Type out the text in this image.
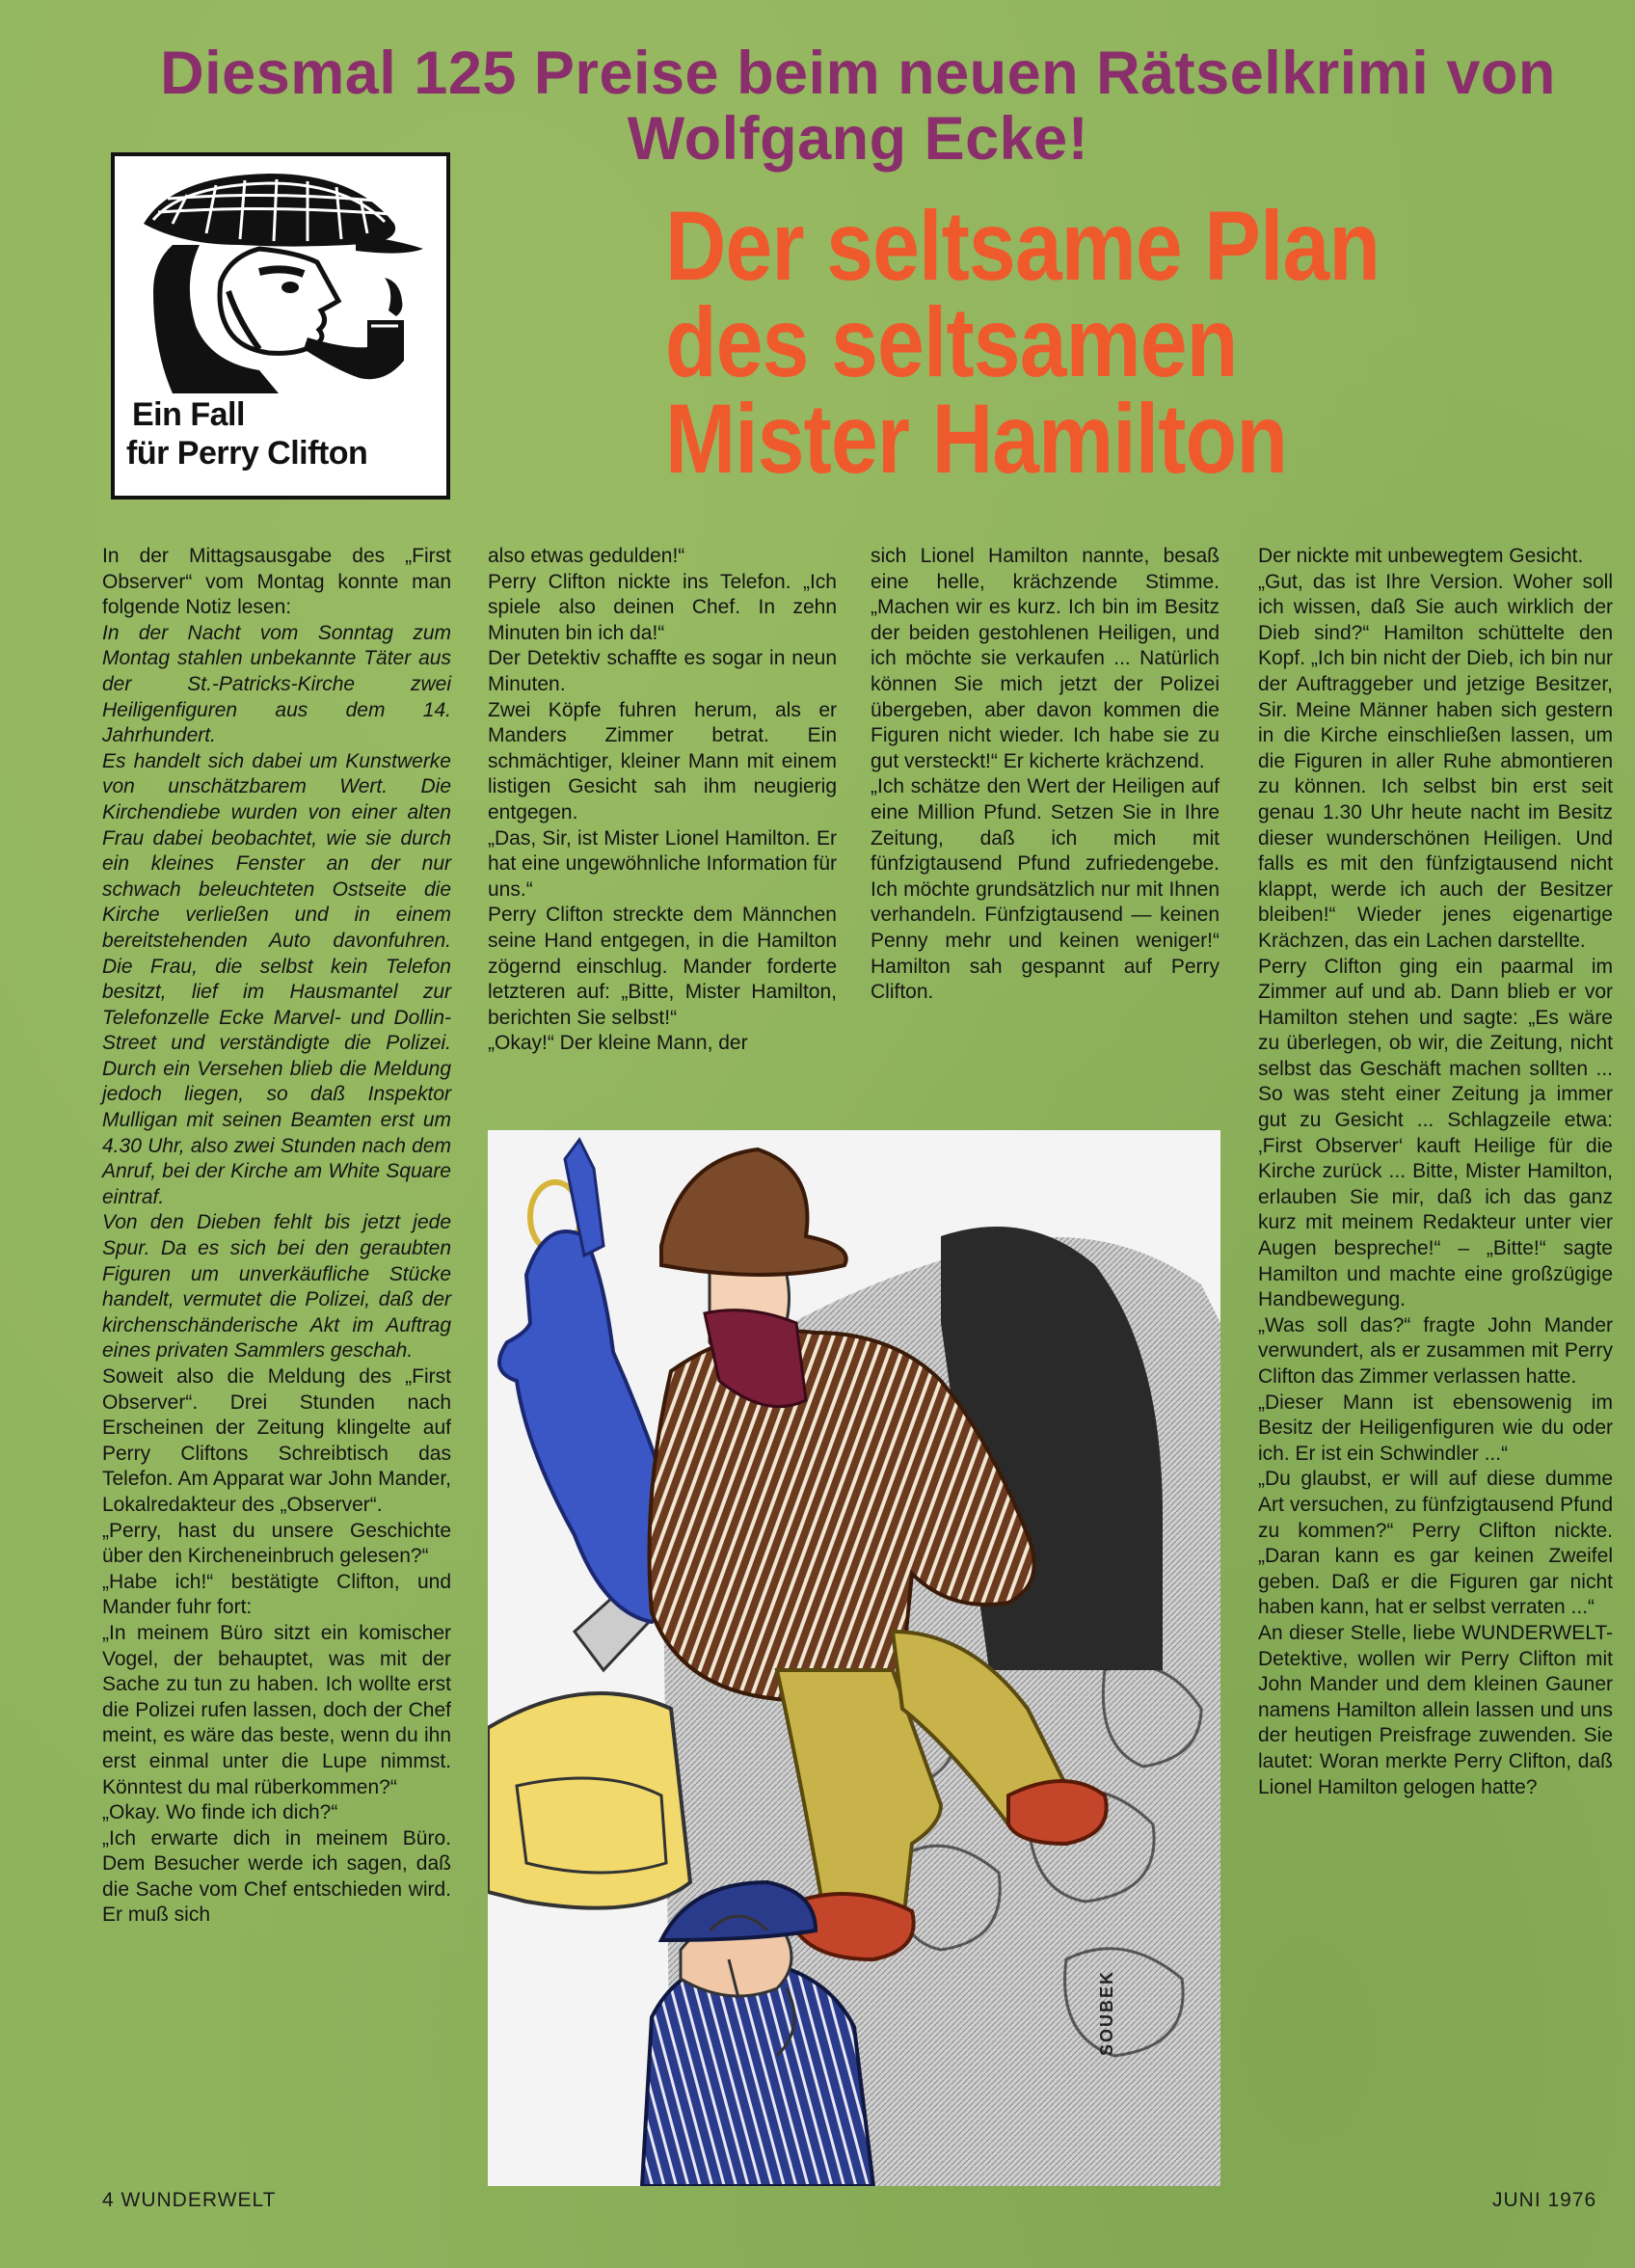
Diesmal 125 Preise beim neuen Rätselkrimi von
Wolfgang Ecke!
Ein Fall
für Perry Clifton
Der seltsame Plan
des seltsamen
Mister Hamilton

In der Mittagsausgabe des „First Observer“ vom Montag konnte man folgende Notiz lesen:

In der Nacht vom Sonntag zum Montag stahlen unbekannte Täter aus der St.-Patricks-Kirche zwei Heiligenfiguren aus dem 14. Jahrhundert.

Es handelt sich dabei um Kunstwerke von unschätzbarem Wert. Die Kirchendiebe wurden von einer alten Frau dabei beobachtet, wie sie durch ein kleines Fenster an der nur schwach beleuchteten Ostseite die Kirche verließen und in einem bereitstehenden Auto davonfuhren. Die Frau, die selbst kein Telefon besitzt, lief im Hausmantel zur Telefonzelle Ecke Marvel- und Dollin-Street und verständigte die Polizei. Durch ein Versehen blieb die Meldung jedoch liegen, so daß Inspektor Mulligan mit seinen Beamten erst um 4.30 Uhr, also zwei Stunden nach dem Anruf, bei der Kirche am White Square eintraf.

Von den Dieben fehlt bis jetzt jede Spur. Da es sich bei den geraubten Figuren um unverkäufliche Stücke handelt, vermutet die Polizei, daß der kirchenschänderische Akt im Auftrag eines privaten Sammlers geschah.

Soweit also die Meldung des „First Observer“. Drei Stunden nach Erscheinen der Zeitung klingelte auf Perry Cliftons Schreibtisch das Telefon. Am Apparat war John Mander, Lokalredakteur des „Observer“.

„Perry, hast du unsere Geschichte über den Kircheneinbruch gelesen?“

„Habe ich!“ bestätigte Clifton, und Mander fuhr fort:

„In meinem Büro sitzt ein komischer Vogel, der behauptet, was mit der Sache zu tun zu haben. Ich wollte erst die Polizei rufen lassen, doch der Chef meint, es wäre das beste, wenn du ihn erst einmal unter die Lupe nimmst. Könntest du mal rüberkommen?“

„Okay. Wo finde ich dich?“

„Ich erwarte dich in meinem Büro. Dem Besucher werde ich sagen, daß die Sache vom Chef entschieden wird. Er muß sich

also etwas gedulden!“

Perry Clifton nickte ins Telefon. „Ich spiele also deinen Chef. In zehn Minuten bin ich da!“

Der Detektiv schaffte es sogar in neun Minuten.

Zwei Köpfe fuhren herum, als er Manders Zimmer betrat. Ein schmächtiger, kleiner Mann mit einem listigen Gesicht sah ihm neugierig entgegen.

„Das, Sir, ist Mister Lionel Hamilton. Er hat eine ungewöhnliche Information für uns.“

Perry Clifton streckte dem Männchen seine Hand entgegen, in die Hamilton zögernd einschlug. Mander forderte letzteren auf: „Bitte, Mister Hamilton, berichten Sie selbst!“

„Okay!“ Der kleine Mann, der

sich Lionel Hamilton nannte, besaß eine helle, krächzende Stimme. „Machen wir es kurz. Ich bin im Besitz der beiden gestohlenen Heiligen, und ich möchte sie verkaufen ... Natürlich können Sie mich jetzt der Polizei übergeben, aber davon kommen die Figuren nicht wieder. Ich habe sie zu gut versteckt!“ Er kicherte krächzend.

„Ich schätze den Wert der Heiligen auf eine Million Pfund. Setzen Sie in Ihre Zeitung, daß ich mich mit fünfzigtausend Pfund zufriedengebe. Ich möchte grundsätzlich nur mit Ihnen verhandeln. Fünfzigtausend — keinen Penny mehr und keinen weniger!“ Hamilton sah gespannt auf Perry Clifton.

Der nickte mit unbewegtem Gesicht.

„Gut, das ist Ihre Version. Woher soll ich wissen, daß Sie auch wirklich der Dieb sind?“ Hamilton schüttelte den Kopf. „Ich bin nicht der Dieb, ich bin nur der Auftraggeber und jetzige Besitzer, Sir. Meine Männer haben sich gestern in die Kirche einschließen lassen, um die Figuren in aller Ruhe abmontieren zu können. Ich selbst bin erst seit genau 1.30 Uhr heute nacht im Besitz dieser wunderschönen Heiligen. Und falls es mit den fünfzigtausend nicht klappt, werde ich auch der Besitzer bleiben!“ Wieder jenes eigenartige Krächzen, das ein Lachen darstellte.

Perry Clifton ging ein paarmal im Zimmer auf und ab. Dann blieb er vor Hamilton stehen und sagte: „Es wäre zu überlegen, ob wir, die Zeitung, nicht selbst das Geschäft machen sollten ... So was steht einer Zeitung ja immer gut zu Gesicht ... Schlagzeile etwa: ‚First Observer‘ kauft Heilige für die Kirche zurück ... Bitte, Mister Hamilton, erlauben Sie mir, daß ich das ganz kurz mit meinem Redakteur unter vier Augen bespreche!“ – „Bitte!“ sagte Hamilton und machte eine großzügige Handbewegung.

„Was soll das?“ fragte John Mander verwundert, als er zusammen mit Perry Clifton das Zimmer verlassen hatte.

„Dieser Mann ist ebensowenig im Besitz der Heiligenfiguren wie du oder ich. Er ist ein Schwindler ...“

„Du glaubst, er will auf diese dumme Art versuchen, zu fünfzigtausend Pfund zu kommen?“ Perry Clifton nickte. „Daran kann es gar keinen Zweifel geben. Daß er die Figuren gar nicht haben kann, hat er selbst verraten ...“

An dieser Stelle, liebe WUNDERWELT-Detektive, wollen wir Perry Clifton mit John Mander und dem kleinen Gauner namens Hamilton allein lassen und uns der heutigen Preisfrage zuwenden. Sie lautet: Woran merkte Perry Clifton, daß Lionel Hamilton gelogen hatte?

SOUBEK
4 WUNDERWELT	JUNI 1976
